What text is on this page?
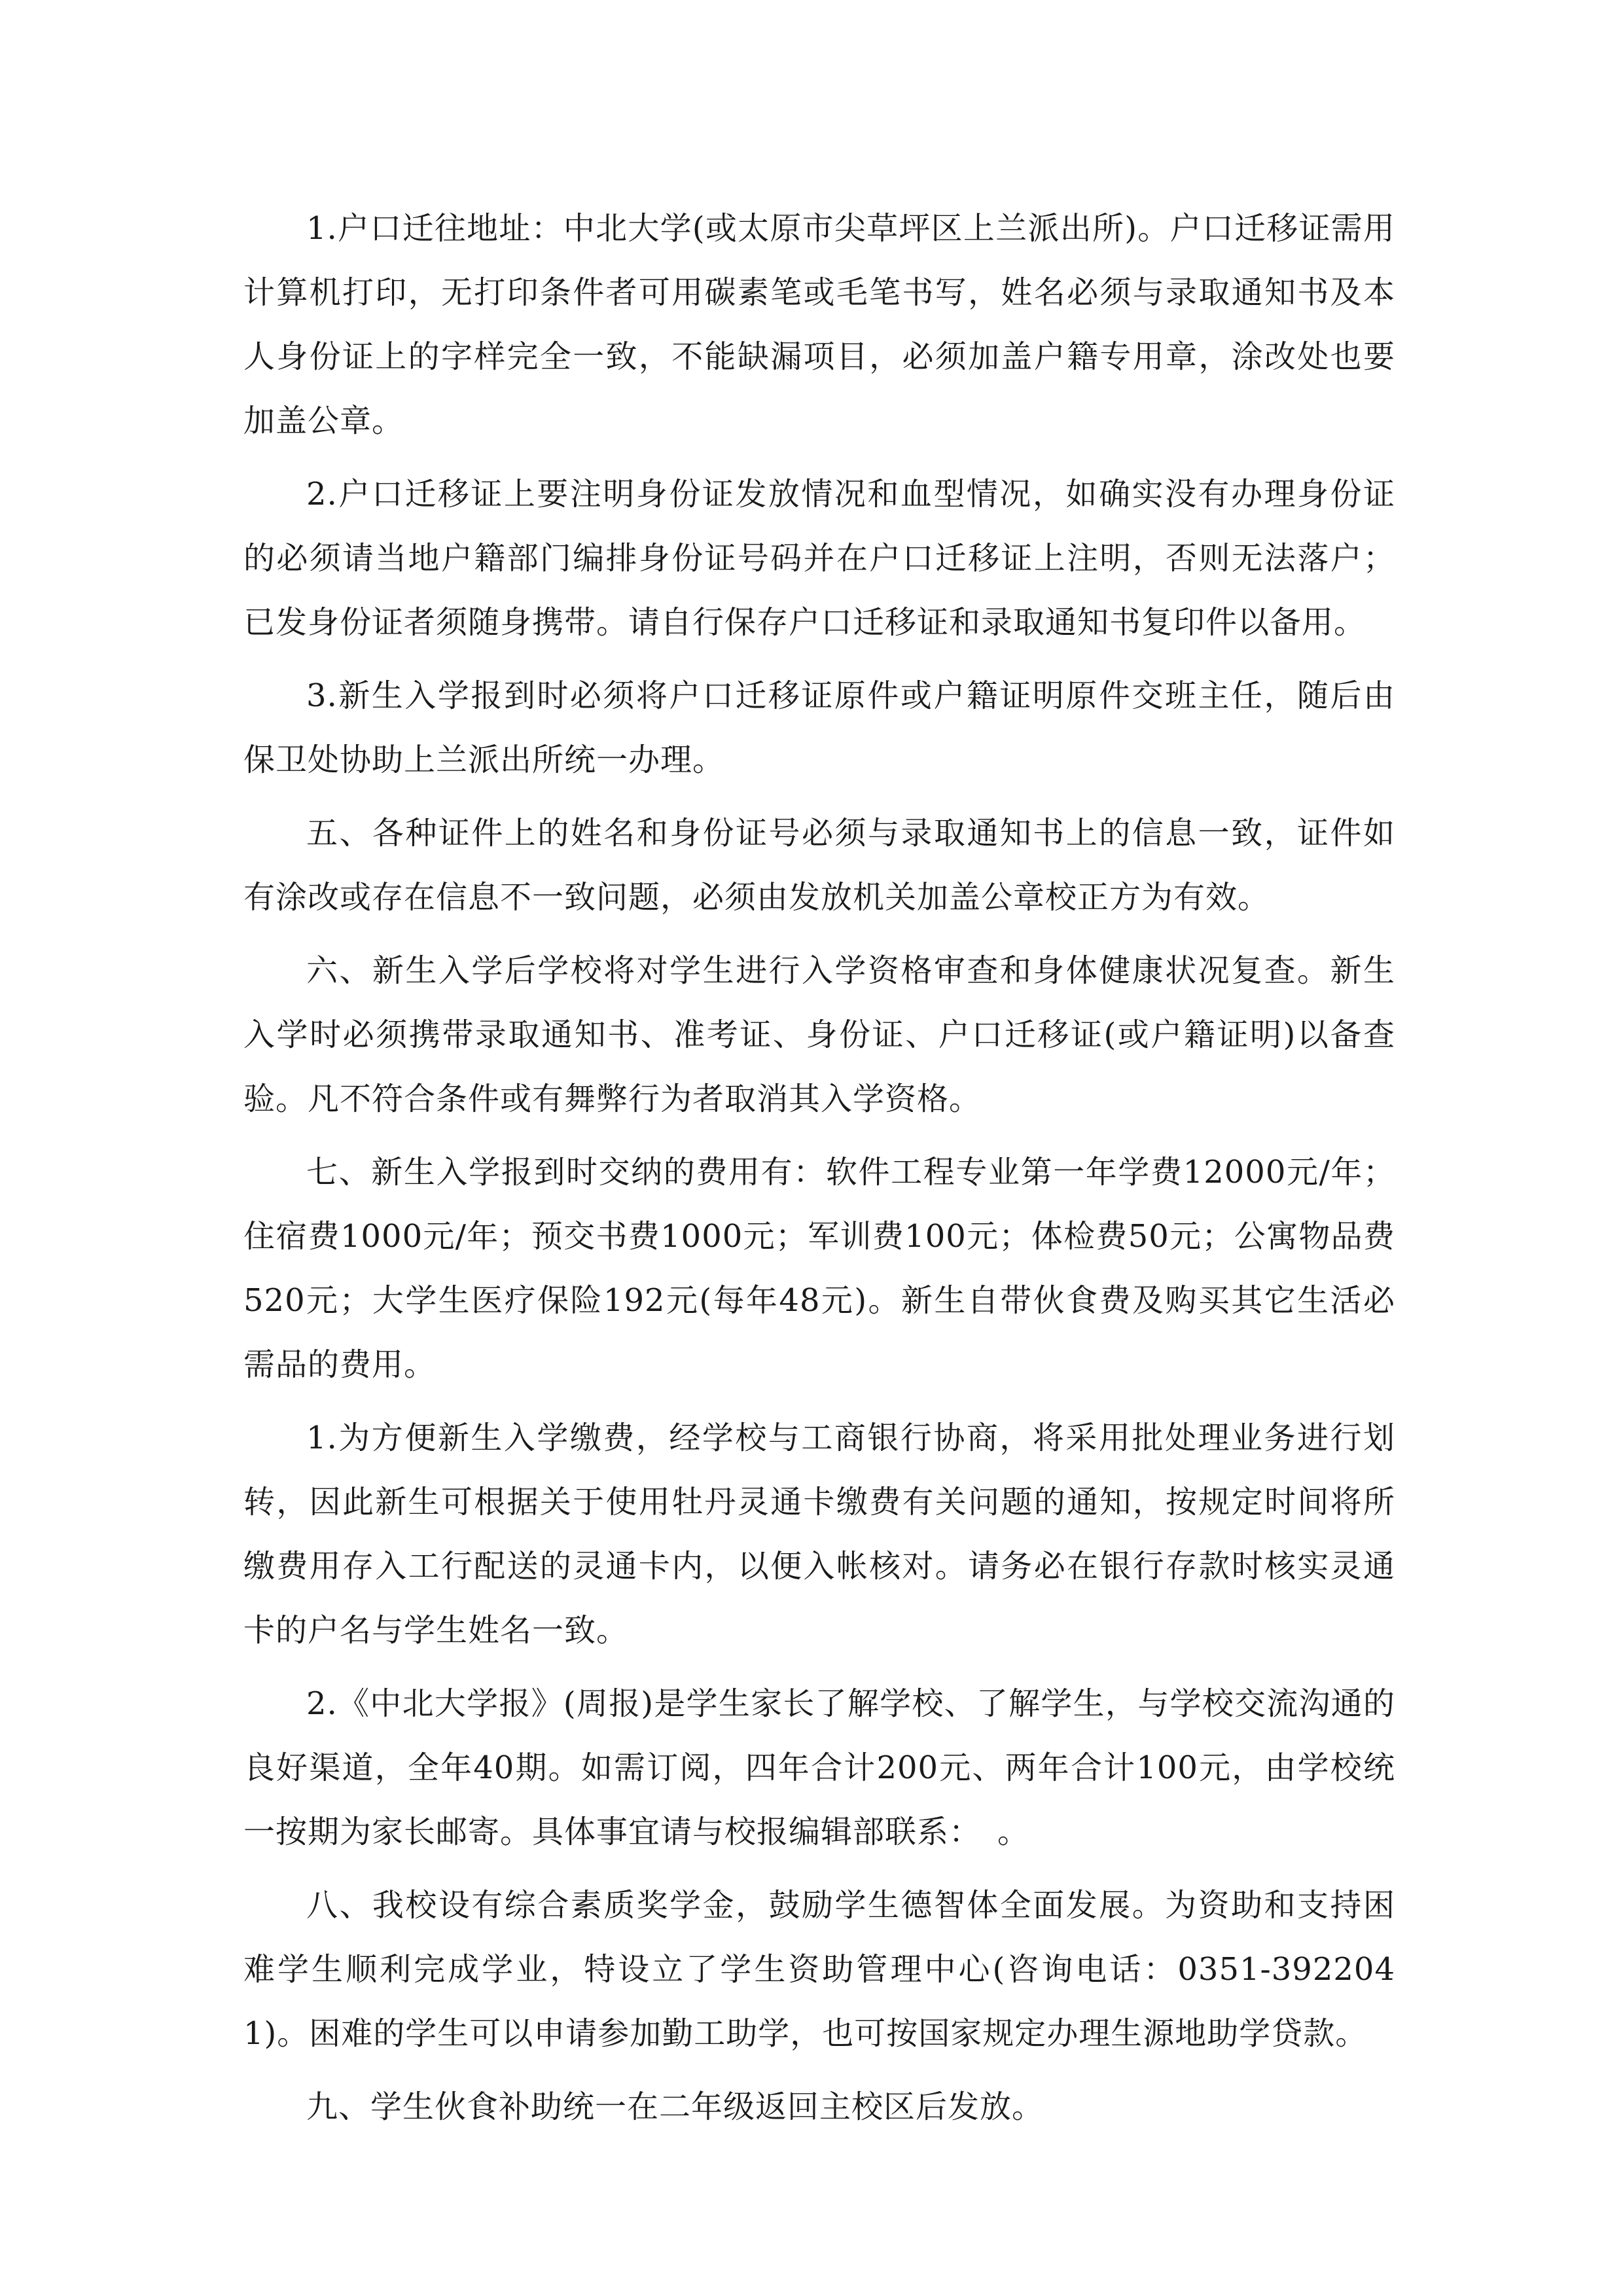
1.户口迁往地址：中北大学(或太原市尖草坪区上兰派出所)。户口迁移证需用计算机打印，无打印条件者可用碳素笔或毛笔书写，姓名必须与录取通知书及本人身份证上的字样完全一致，不能缺漏项目，必须加盖户籍专用章，涂改处也要加盖公章。

2.户口迁移证上要注明身份证发放情况和血型情况，如确实没有办理身份证的必须请当地户籍部门编排身份证号码并在户口迁移证上注明，否则无法落户；已发身份证者须随身携带。请自行保存户口迁移证和录取通知书复印件以备用。

3.新生入学报到时必须将户口迁移证原件或户籍证明原件交班主任，随后由保卫处协助上兰派出所统一办理。

五、各种证件上的姓名和身份证号必须与录取通知书上的信息一致，证件如有涂改或存在信息不一致问题，必须由发放机关加盖公章校正方为有效。

六、新生入学后学校将对学生进行入学资格审查和身体健康状况复查。新生入学时必须携带录取通知书、准考证、身份证、户口迁移证(或户籍证明)以备查验。凡不符合条件或有舞弊行为者取消其入学资格。

七、新生入学报到时交纳的费用有：软件工程专业第一年学费12000元/年；住宿费1000元/年；预交书费1000元；军训费100元；体检费50元；公寓物品费520元；大学生医疗保险192元(每年48元)。新生自带伙食费及购买其它生活必需品的费用。

1.为方便新生入学缴费，经学校与工商银行协商，将采用批处理业务进行划转，因此新生可根据关于使用牡丹灵通卡缴费有关问题的通知，按规定时间将所缴费用存入工行配送的灵通卡内，以便入帐核对。请务必在银行存款时核实灵通卡的户名与学生姓名一致。

2.《中北大学报》(周报)是学生家长了解学校、了解学生，与学校交流沟通的良好渠道，全年40期。如需订阅，四年合计200元、两年合计100元，由学校统一按期为家长邮寄。具体事宜请与校报编辑部联系：　。

八、我校设有综合素质奖学金，鼓励学生德智体全面发展。为资助和支持困难学生顺利完成学业，特设立了学生资助管理中心(咨询电话：0351-3922041)。困难的学生可以申请参加勤工助学，也可按国家规定办理生源地助学贷款。

九、学生伙食补助统一在二年级返回主校区后发放。
